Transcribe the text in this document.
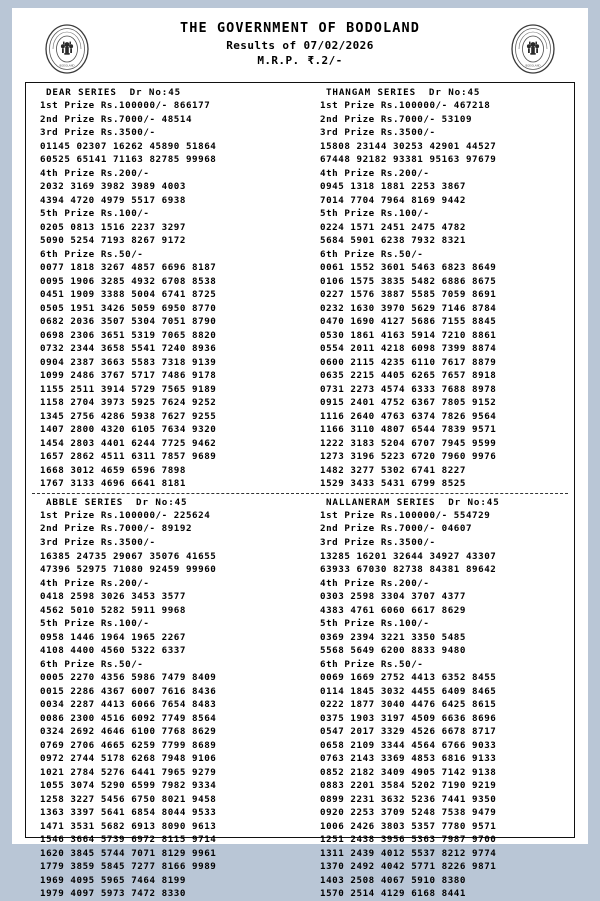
BODOLAND	BODOLAND
THE GOVERNMENT OF BODOLAND
Results of 07/02/2026
M.R.P. ₹.2/-
DEAR SERIES  Dr No:45
1st Prize Rs.100000/- 866177
2nd Prize Rs.7000/- 48514
3rd Prize Rs.3500/-
01145 02307 16262 45890 51864
60525 65141 71163 82785 99968
4th Prize Rs.200/-
2032 3169 3982 3989 4003
4394 4720 4979 5517 6938
5th Prize Rs.100/-
0205 0813 1516 2237 3297
5090 5254 7193 8267 9172
6th Prize Rs.50/-
0077 1818 3267 4857 6696 8187
0095 1906 3285 4932 6708 8538
0451 1909 3388 5004 6741 8725
0505 1951 3426 5059 6950 8770
0682 2036 3507 5304 7051 8790
0698 2306 3651 5319 7065 8820
0732 2344 3658 5541 7240 8936
0904 2387 3663 5583 7318 9139
1099 2486 3767 5717 7486 9178
1155 2511 3914 5729 7565 9189
1158 2704 3973 5925 7624 9252
1345 2756 4286 5938 7627 9255
1407 2800 4320 6105 7634 9320
1454 2803 4401 6244 7725 9462
1657 2862 4511 6311 7857 9689
1668 3012 4659 6596 7898
1767 3133 4696 6641 8181
THANGAM SERIES  Dr No:45
1st Prize Rs.100000/- 467218
2nd Prize Rs.7000/- 53109
3rd Prize Rs.3500/-
15808 23144 30253 42901 44527
67448 92182 93381 95163 97679
4th Prize Rs.200/-
0945 1318 1881 2253 3867
7014 7704 7964 8169 9442
5th Prize Rs.100/-
0224 1571 2451 2475 4782
5684 5901 6238 7932 8321
6th Prize Rs.50/-
0061 1552 3601 5463 6823 8649
0106 1575 3835 5482 6886 8675
0227 1576 3887 5585 7059 8691
0232 1630 3970 5629 7146 8784
0470 1690 4127 5686 7155 8845
0530 1861 4163 5914 7210 8861
0554 2011 4218 6098 7399 8874
0600 2115 4235 6110 7617 8879
0635 2215 4405 6265 7657 8918
0731 2273 4574 6333 7688 8978
0915 2401 4752 6367 7805 9152
1116 2640 4763 6374 7826 9564
1166 3110 4807 6544 7839 9571
1222 3183 5204 6707 7945 9599
1273 3196 5223 6720 7960 9976
1482 3277 5302 6741 8227
1529 3433 5431 6799 8525
ABBLE SERIES  Dr No:45
1st Prize Rs.100000/- 225624
2nd Prize Rs.7000/- 89192
3rd Prize Rs.3500/-
16385 24735 29067 35076 41655
47396 52975 71080 92459 99960
4th Prize Rs.200/-
0418 2598 3026 3453 3577
4562 5010 5282 5911 9968
5th Prize Rs.100/-
0958 1446 1964 1965 2267
4108 4400 4560 5322 6337
6th Prize Rs.50/-
0005 2270 4356 5986 7479 8409
0015 2286 4367 6007 7616 8436
0034 2287 4413 6066 7654 8483
0086 2300 4516 6092 7749 8564
0324 2692 4646 6100 7768 8629
0769 2706 4665 6259 7799 8689
0972 2744 5178 6268 7948 9106
1021 2784 5276 6441 7965 9279
1055 3074 5290 6599 7982 9334
1258 3227 5456 6750 8021 9458
1363 3397 5641 6854 8044 9533
1471 3531 5682 6913 8090 9613
1546 3664 5739 6972 8115 9714
1620 3845 5744 7071 8129 9961
1779 3859 5845 7277 8166 9989
1969 4095 5965 7464 8199
1979 4097 5973 7472 8330
NALLANERAM SERIES  Dr No:45
1st Prize Rs.100000/- 554729
2nd Prize Rs.7000/- 04607
3rd Prize Rs.3500/-
13285 16201 32644 34927 43307
63933 67030 82738 84381 89642
4th Prize Rs.200/-
0303 2598 3304 3707 4377
4383 4761 6060 6617 8629
5th Prize Rs.100/-
0369 2394 3221 3350 5485
5568 5649 6200 8833 9480
6th Prize Rs.50/-
0069 1669 2752 4413 6352 8455
0114 1845 3032 4455 6409 8465
0222 1877 3040 4476 6425 8615
0375 1903 3197 4509 6636 8696
0547 2017 3329 4526 6678 8717
0658 2109 3344 4564 6766 9033
0763 2143 3369 4853 6816 9133
0852 2182 3409 4905 7142 9138
0883 2201 3584 5202 7190 9219
0899 2231 3632 5236 7441 9350
0920 2253 3709 5248 7538 9479
1006 2426 3803 5357 7780 9571
1251 2438 3956 5363 7987 9700
1311 2439 4012 5537 8212 9774
1370 2492 4042 5771 8226 9871
1403 2508 4067 5910 8380
1570 2514 4129 6168 8441
